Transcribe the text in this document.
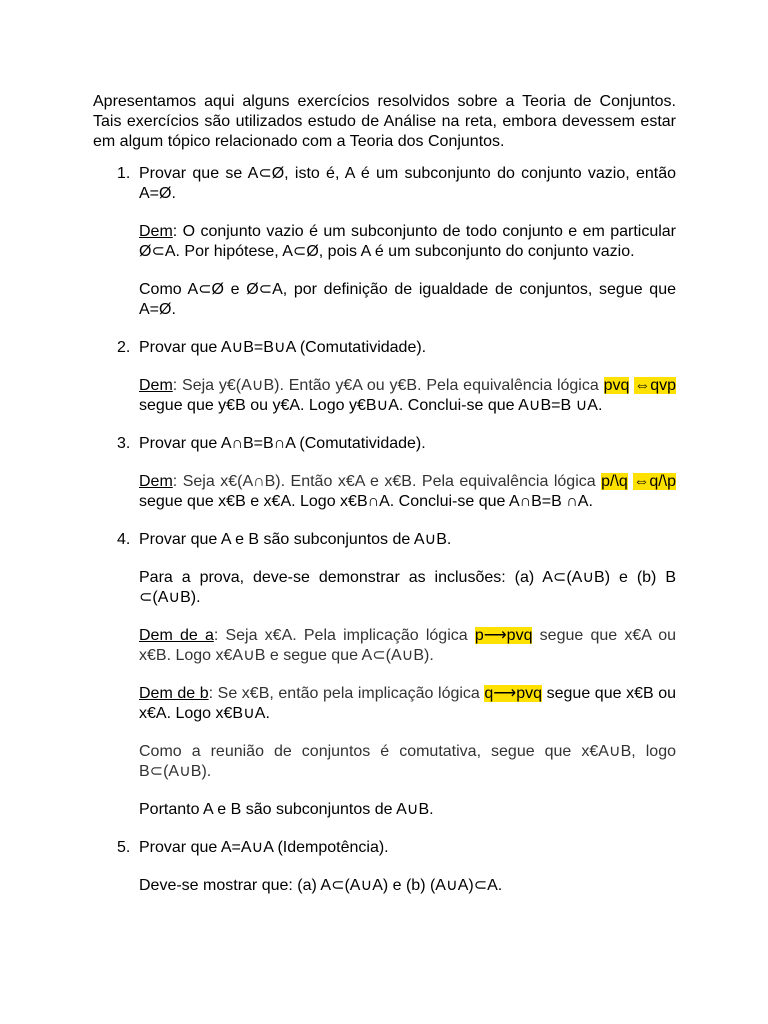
Apresentamos aqui alguns exercícios resolvidos sobre a Teoria de Conjuntos. Tais exercícios são utilizados estudo de Análise na reta, embora devessem estar em algum tópico relacionado com a Teoria dos Conjuntos.

1. Provar que se A⊂Ø, isto é, A é um subconjunto do conjunto vazio, então A=Ø.

Dem: O conjunto vazio é um subconjunto de todo conjunto e em particular Ø⊂A. Por hipótese, A⊂Ø, pois A é um subconjunto do conjunto vazio.

Como A⊂Ø e Ø⊂A, por definição de igualdade de conjuntos, segue que A=Ø.

2. Provar que A∪B=B∪A (Comutatividade).

Dem: Seja y€(A∪B). Então y€A ou y€B. Pela equivalência lógica pvq ⇔qvp segue que y€B ou y€A. Logo y€B∪A. Conclui-se que A∪B=B ∪A.

3. Provar que A∩B=B∩A (Comutatividade).

Dem: Seja x€(A∩B). Então x€A e x€B. Pela equivalência lógica p/\q ⇔q/\p segue que x€B e x€A. Logo x€B∩A. Conclui-se que A∩B=B ∩A.

4. Provar que A e B são subconjuntos de A∪B.

Para a prova, deve-se demonstrar as inclusões: (a) A⊂(A∪B) e (b) B ⊂(A∪B).

Dem de a: Seja x€A. Pela implicação lógica p⟶pvq segue que x€A ou x€B. Logo x€A∪B e segue que A⊂(A∪B).

Dem de b: Se x€B, então pela implicação lógica q⟶pvq segue que x€B ou x€A. Logo x€B∪A.

Como a reunião de conjuntos é comutativa, segue que x€A∪B, logo B⊂(A∪B).

Portanto A e B são subconjuntos de A∪B.

5. Provar que A=A∪A (Idempotência).

Deve-se mostrar que: (a) A⊂(A∪A) e (b) (A∪A)⊂A.
